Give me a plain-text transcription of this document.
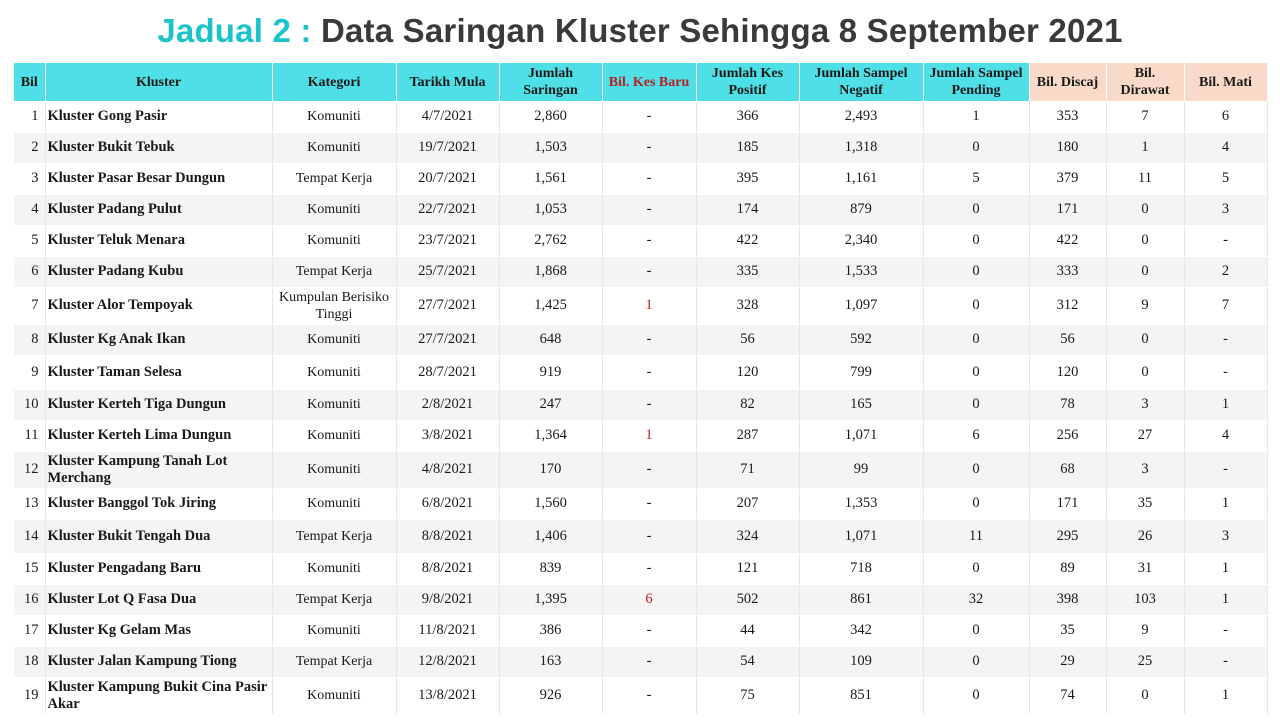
Jadual 2 :
Data Saringan Kluster Sehingga 8 September 2021
Bil	Kluster	Kategori	Tarikh Mula	Jumlah Saringan	Bil. Kes Baru	Jumlah Kes Positif	Jumlah Sampel Negatif	Jumlah Sampel Pending	Bil. Discaj	Bil. Dirawat	Bil. Mati
1	Kluster Gong Pasir	Komuniti	4/7/2021	2,860	-	366	2,493	1	353	7	6
2	Kluster Bukit Tebuk	Komuniti	19/7/2021	1,503	-	185	1,318	0	180	1	4
3	Kluster Pasar Besar Dungun	Tempat Kerja	20/7/2021	1,561	-	395	1,161	5	379	11	5
4	Kluster Padang Pulut	Komuniti	22/7/2021	1,053	-	174	879	0	171	0	3
5	Kluster Teluk Menara	Komuniti	23/7/2021	2,762	-	422	2,340	0	422	0	-
6	Kluster Padang Kubu	Tempat Kerja	25/7/2021	1,868	-	335	1,533	0	333	0	2
7	Kluster Alor Tempoyak	Kumpulan Berisiko Tinggi	27/7/2021	1,425	1	328	1,097	0	312	9	7
8	Kluster Kg Anak Ikan	Komuniti	27/7/2021	648	-	56	592	0	56	0	-
9	Kluster Taman Selesa	Komuniti	28/7/2021	919	-	120	799	0	120	0	-
10	Kluster Kerteh Tiga Dungun	Komuniti	2/8/2021	247	-	82	165	0	78	3	1
11	Kluster Kerteh Lima Dungun	Komuniti	3/8/2021	1,364	1	287	1,071	6	256	27	4
12	Kluster Kampung Tanah Lot Merchang	Komuniti	4/8/2021	170	-	71	99	0	68	3	-
13	Kluster Banggol Tok Jiring	Komuniti	6/8/2021	1,560	-	207	1,353	0	171	35	1
14	Kluster Bukit Tengah Dua	Tempat Kerja	8/8/2021	1,406	-	324	1,071	11	295	26	3
15	Kluster Pengadang Baru	Komuniti	8/8/2021	839	-	121	718	0	89	31	1
16	Kluster Lot Q Fasa Dua	Tempat Kerja	9/8/2021	1,395	6	502	861	32	398	103	1
17	Kluster Kg Gelam Mas	Komuniti	11/8/2021	386	-	44	342	0	35	9	-
18	Kluster Jalan Kampung Tiong	Tempat Kerja	12/8/2021	163	-	54	109	0	29	25	-
19	Kluster Kampung Bukit Cina Pasir Akar	Komuniti	13/8/2021	926	-	75	851	0	74	0	1
